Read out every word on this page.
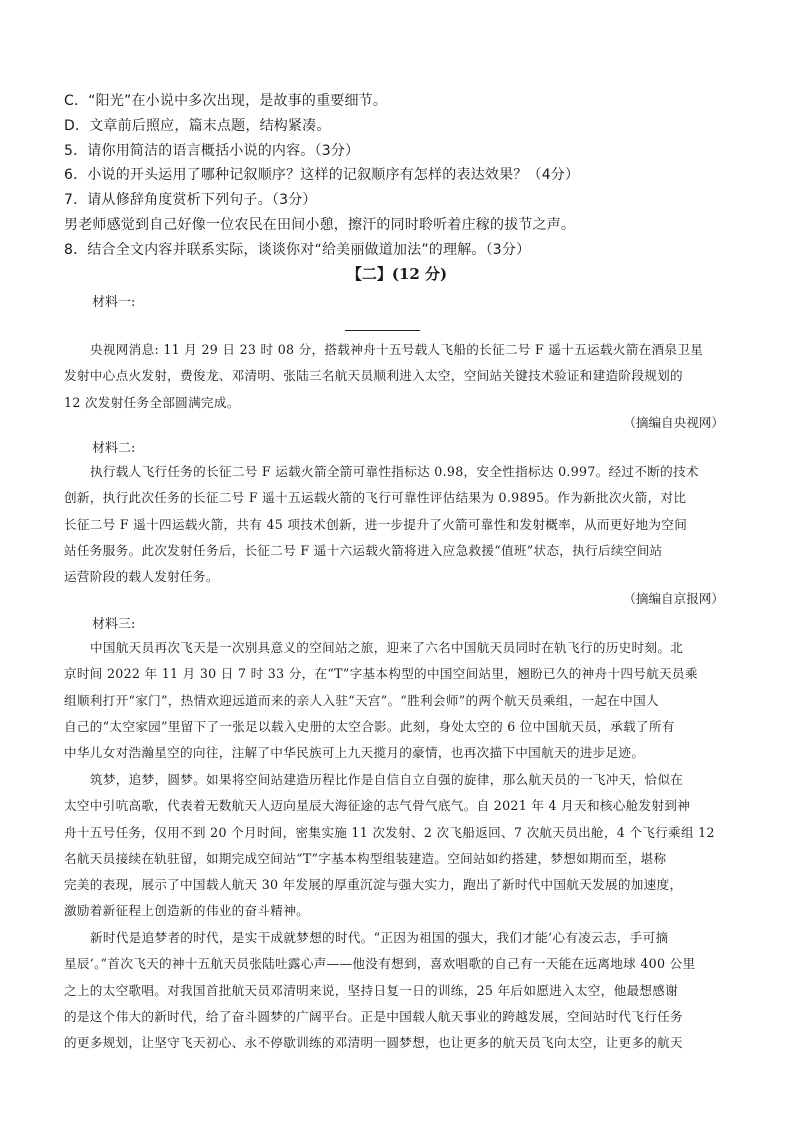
C．“阳光”在小说中多次出现，是故事的重要细节。
D．文章前后照应，篇末点题，结构紧凑。
5．请你用简洁的语言概括小说的内容。（3分）
6．小说的开头运用了哪种记叙顺序？这样的记叙顺序有怎样的表达效果？（4分）
7．请从修辞角度赏析下列句子。（3分）
男老师感觉到自己好像一位农民在田间小憩，擦汗的同时聆听着庄稼的拔节之声。
8．结合全文内容并联系实际，谈谈你对“给美丽做道加法”的理解。（3分）
【二】(12 分)
材料一:
央视网消息: 11 月 29 日 23 时 08 分，搭载神舟十五号载人飞船的长征二号 F 遥十五运载火箭在酒泉卫星
发射中心点火发射，费俊龙、邓清明、张陆三名航天员顺利进入太空，空间站关键技术验证和建造阶段规划的
12 次发射任务全部圆满完成。
（摘编自央视网）
材料二:
执行载人飞行任务的长征二号 F 运载火箭全箭可靠性指标达 0.98，安全性指标达 0.997。经过不断的技术
创新，执行此次任务的长征二号 F 遥十五运载火箭的飞行可靠性评估结果为 0.9895。作为新批次火箭，对比
长征二号 F 遥十四运载火箭，共有 45 项技术创新，进一步提升了火箭可靠性和发射概率，从而更好地为空间
站任务服务。此次发射任务后，长征二号 F 遥十六运载火箭将进入应急救援“值班”状态，执行后续空间站
运营阶段的载人发射任务。
（摘编自京报网）
材料三:
中国航天员再次飞天是一次别具意义的空间站之旅，迎来了六名中国航天员同时在轨飞行的历史时刻。北
京时间 2022 年 11 月 30 日 7 时 33 分，在“T”字基本构型的中国空间站里，翘盼已久的神舟十四号航天员乘
组顺利打开“家门”，热情欢迎远道而来的亲人入驻“天宫”。“胜利会师”的两个航天员乘组，一起在中国人
自己的“太空家园”里留下了一张足以载入史册的太空合影。此刻，身处太空的 6 位中国航天员，承载了所有
中华儿女对浩瀚星空的向往，注解了中华民族可上九天揽月的豪情，也再次描下中国航天的进步足迹。
筑梦，追梦，圆梦。如果将空间站建造历程比作是自信自立自强的旋律，那么航天员的一飞冲天，恰似在
太空中引吭高歌，代表着无数航天人迈向星辰大海征途的志气骨气底气。自 2021 年 4 月天和核心舱发射到神
舟十五号任务，仅用不到 20 个月时间，密集实施 11 次发射、2 次飞船返回、7 次航天员出舱，4 个飞行乘组 12
名航天员接续在轨驻留，如期完成空间站“T”字基本构型组装建造。空间站如约搭建，梦想如期而至，堪称
完美的表现，展示了中国载人航天 30 年发展的厚重沉淀与强大实力，跑出了新时代中国航天发展的加速度，
激励着新征程上创造新的伟业的奋斗精神。
新时代是追梦者的时代，是实干成就梦想的时代。“正因为祖国的强大，我们才能‘心有凌云志，手可摘
星辰’。”首次飞天的神十五航天员张陆吐露心声——他没有想到，喜欢唱歌的自己有一天能在远离地球 400 公里
之上的太空歌唱。对我国首批航天员邓清明来说，坚持日复一日的训练，25 年后如愿进入太空，他最想感谢
的是这个伟大的新时代，给了奋斗圆梦的广阔平台。正是中国载人航天事业的跨越发展，空间站时代飞行任务
的更多规划，让坚守飞天初心、永不停歇训练的邓清明一圆梦想，也让更多的航天员飞向太空，让更多的航天
